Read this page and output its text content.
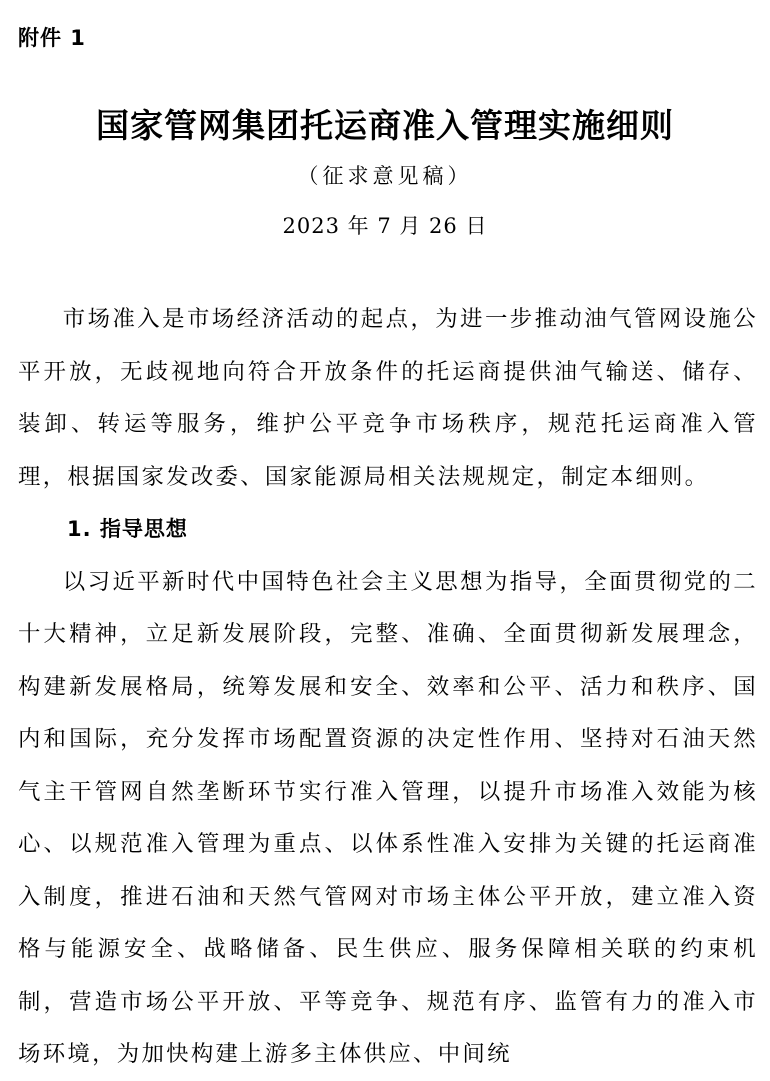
附件 1
国家管网集团托运商准入管理实施细则
（征求意见稿）
2023 年 7 月 26 日

市场准入是市场经济活动的起点，为进一步推动油气管网设施公平开放，无歧视地向符合开放条件的托运商提供油气输送、储存、装卸、转运等服务，维护公平竞争市场秩序，规范托运商准入管理，根据国家发改委、国家能源局相关法规规定，制定本细则。

1. 指导思想

以习近平新时代中国特色社会主义思想为指导，全面贯彻党的二十大精神，立足新发展阶段，完整、准确、全面贯彻新发展理念，构建新发展格局，统筹发展和安全、效率和公平、活力和秩序、国内和国际，充分发挥市场配置资源的决定性作用、坚持对石油天然气主干管网自然垄断环节实行准入管理，以提升市场准入效能为核心、以规范准入管理为重点、以体系性准入安排为关键的托运商准入制度，推进石油和天然气管网对市场主体公平开放，建立准入资格与能源安全、战略储备、民生供应、服务保障相关联的约束机制，营造市场公平开放、平等竞争、规范有序、监管有力的准入市场环境，为加快构建上游多主体供应、中间统
